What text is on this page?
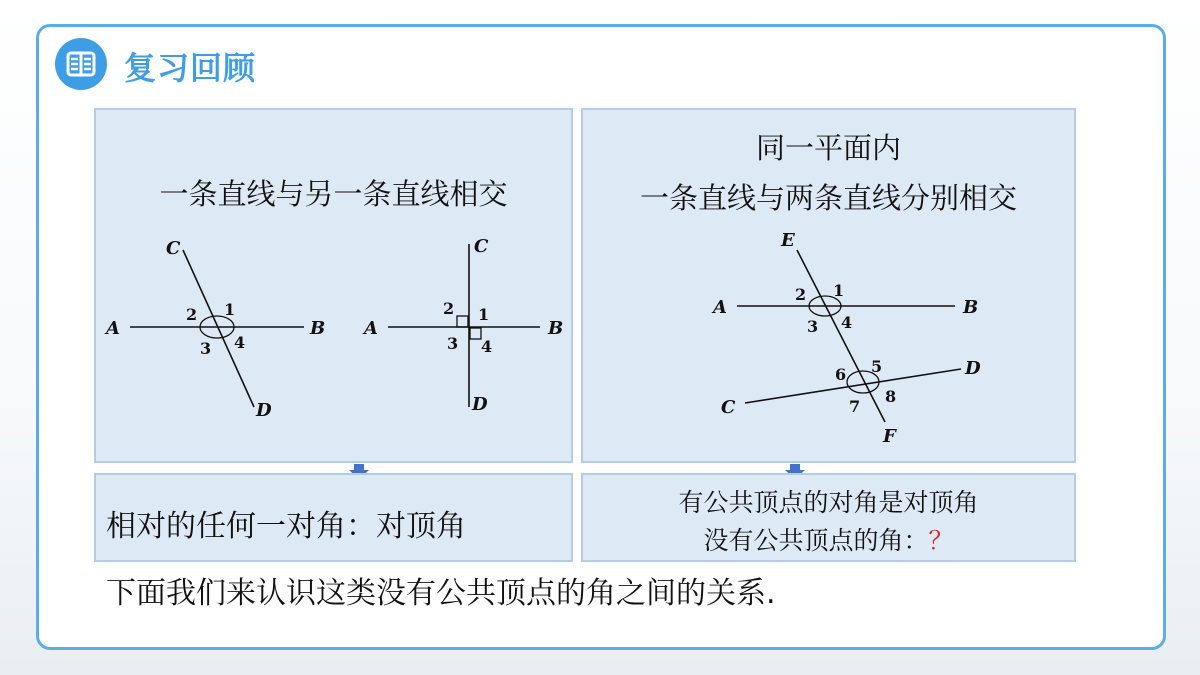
复习回顾
一条直线与另一条直线相交
A	B
C
D
1
2
3 4
A	B
C
D
1
2
3 4
同一平面内
一条直线与两条直线分别相交
A	B
C
D
E
F
1
2
3 4
5
6
7
8
相对的任何一对角：对顶角
有公共顶点的对角是对顶角
没有公共顶点的角：？
下面我们来认识这类没有公共顶点的角之间的关系.
